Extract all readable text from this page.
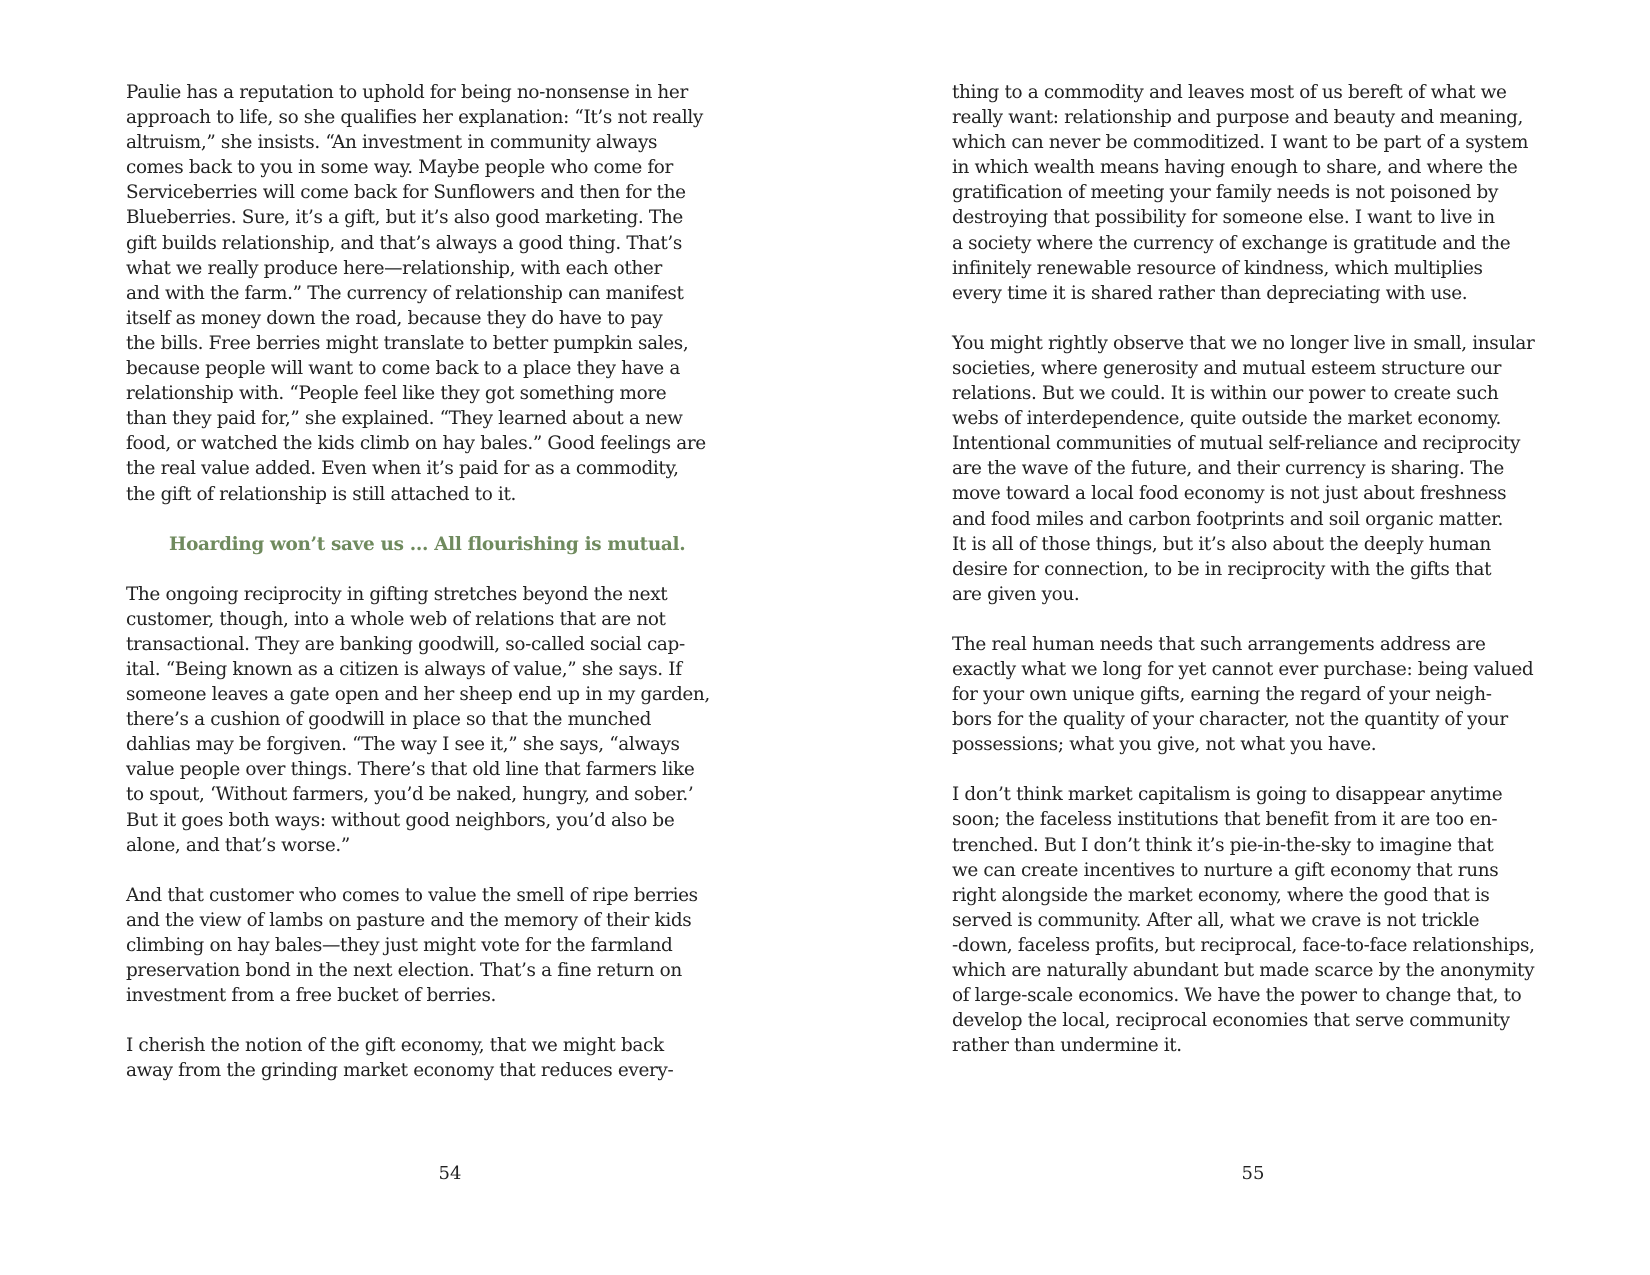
Paulie has a reputation to uphold for being no-nonsense in her
approach to life, so she qualifies her explanation: “It’s not really
altruism,” she insists. “An investment in community always
comes back to you in some way. Maybe people who come for
Serviceberries will come back for Sunflowers and then for the
Blueberries. Sure, it’s a gift, but it’s also good marketing. The
gift builds relationship, and that’s always a good thing. That’s
what we really produce here—relationship, with each other
and with the farm.” The currency of relationship can manifest
itself as money down the road, because they do have to pay
the bills. Free berries might translate to better pumpkin sales,
because people will want to come back to a place they have a
relationship with. “People feel like they got something more
than they paid for,” she explained. “They learned about a new
food, or watched the kids climb on hay bales.” Good feelings are
the real value added. Even when it’s paid for as a commodity,
the gift of relationship is still attached to it.

Hoarding won’t save us ... All flourishing is mutual.

The ongoing reciprocity in gifting stretches beyond the next
customer, though, into a whole web of relations that are not
transactional. They are banking goodwill, so-called social cap-
ital. “Being known as a citizen is always of value,” she says. If
someone leaves a gate open and her sheep end up in my garden,
there’s a cushion of goodwill in place so that the munched
dahlias may be forgiven. “The way I see it,” she says, “always
value people over things. There’s that old line that farmers like
to spout, ‘Without farmers, you’d be naked, hungry, and sober.’
But it goes both ways: without good neighbors, you’d also be
alone, and that’s worse.”

And that customer who comes to value the smell of ripe berries
and the view of lambs on pasture and the memory of their kids
climbing on hay bales—they just might vote for the farmland
preservation bond in the next election. That’s a fine return on
investment from a free bucket of berries.

I cherish the notion of the gift economy, that we might back
away from the grinding market economy that reduces every-

54

thing to a commodity and leaves most of us bereft of what we
really want: relationship and purpose and beauty and meaning,
which can never be commoditized. I want to be part of a system
in which wealth means having enough to share, and where the
gratification of meeting your family needs is not poisoned by
destroying that possibility for someone else. I want to live in
a society where the currency of exchange is gratitude and the
infinitely renewable resource of kindness, which multiplies
every time it is shared rather than depreciating with use.

You might rightly observe that we no longer live in small, insular
societies, where generosity and mutual esteem structure our
relations. But we could. It is within our power to create such
webs of interdependence, quite outside the market economy.
Intentional communities of mutual self-reliance and reciprocity
are the wave of the future, and their currency is sharing. The
move toward a local food economy is not just about freshness
and food miles and carbon footprints and soil organic matter.
It is all of those things, but it’s also about the deeply human
desire for connection, to be in reciprocity with the gifts that
are given you.

The real human needs that such arrangements address are
exactly what we long for yet cannot ever purchase: being valued
for your own unique gifts, earning the regard of your neigh-
bors for the quality of your character, not the quantity of your
possessions; what you give, not what you have.

I don’t think market capitalism is going to disappear anytime
soon; the faceless institutions that benefit from it are too en-
trenched. But I don’t think it’s pie-in-the-sky to imagine that
we can create incentives to nurture a gift economy that runs
right alongside the market economy, where the good that is
served is community. After all, what we crave is not trickle
-down, faceless profits, but reciprocal, face-to-face relationships,
which are naturally abundant but made scarce by the anonymity
of large-scale economics. We have the power to change that, to
develop the local, reciprocal economies that serve community
rather than undermine it.

55
